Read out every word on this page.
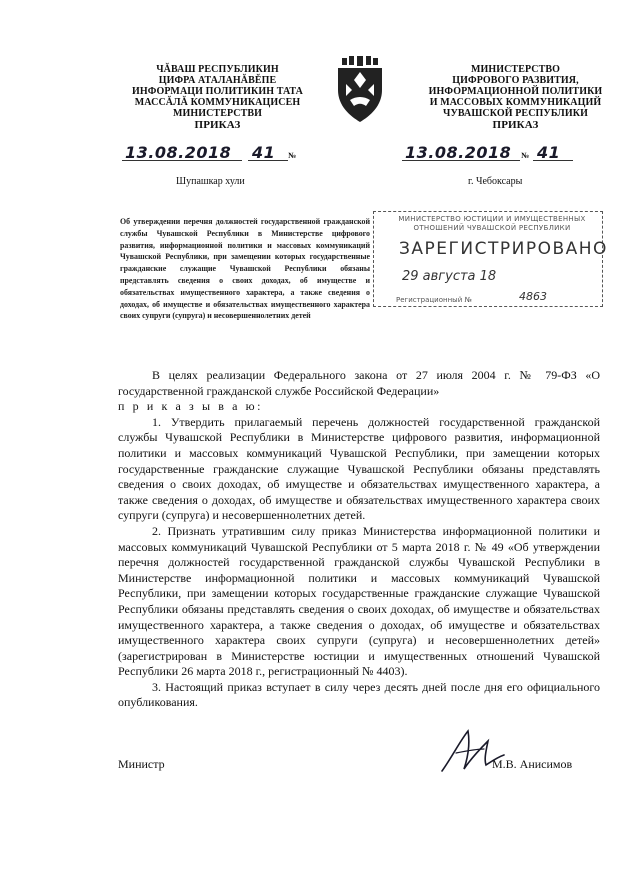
ЧĂВАШ РЕСПУБЛИКИН
ЦИФРА АТАЛАНĂВĔПЕ
ИНФОРМАЦИ ПОЛИТИКИН ТАТА
МАССĂЛĂ КОММУНИКАЦИСЕН
МИНИСТЕРСТВИ
ПРИКАЗ
МИНИСТЕРСТВО
ЦИФРОВОГО РАЗВИТИЯ,
ИНФОРМАЦИОННОЙ ПОЛИТИКИ
И МАССОВЫХ КОММУНИКАЦИЙ
ЧУВАШСКОЙ РЕСПУБЛИКИ
ПРИКАЗ
13.08.2018 41 №	13.08.2018 № 41
Шупашкар хули	г. Чебоксары
Об утверждении перечня должностей государственной гражданской службы Чувашской Республики в Министерстве цифрового развития, информационной политики и массовых коммуникаций Чувашской Республики, при замещении которых государственные гражданские служащие Чувашской Республики обязаны представлять сведения о своих доходах, об имуществе и обязательствах имущественного характера, а также сведения о доходах, об имуществе и обязательствах имущественного характера своих супруги (супруга) и несовершеннолетних детей
МИНИСТЕРСТВО ЮСТИЦИИ И ИМУЩЕСТВЕННЫХ ОТНОШЕНИЙ ЧУВАШСКОЙ РЕСПУБЛИКИ
ЗАРЕГИСТРИРОВАНО
29 августа 18
Регистрационный №	4863

В целях реализации Федерального закона от 27 июля 2004 г. № 79-ФЗ «О государственной гражданской службе Российской Федерации»

п р и к а з ы в а ю:

1. Утвердить прилагаемый перечень должностей государственной гражданской службы Чувашской Республики в Министерстве цифрового развития, информационной политики и массовых коммуникаций Чувашской Республики, при замещении которых государственные гражданские служащие Чувашской Республики обязаны представлять сведения о своих доходах, об имуществе и обязательствах имущественного характера, а также сведения о доходах, об имуществе и обязательствах имущественного характера своих супруги (супруга) и несовершеннолетних детей.

2. Признать утратившим силу приказ Министерства информационной политики и массовых коммуникаций Чувашской Республики от 5 марта 2018 г. № 49 «Об утверждении перечня должностей государственной гражданской службы Чувашской Республики в Министерстве информационной политики и массовых коммуникаций Чувашской Республики, при замещении которых государственные гражданские служащие Чувашской Республики обязаны представлять сведения о своих доходах, об имуществе и обязательствах имущественного характера, а также сведения о доходах, об имуществе и обязательствах имущественного характера своих супруги (супруга) и несовершеннолетних детей» (зарегистрирован в Министерстве юстиции и имущественных отношений Чувашской Республики 26 марта 2018 г., регистрационный № 4403).

3. Настоящий приказ вступает в силу через десять дней после дня его официального опубликования.

Министр	М.В. Анисимов
